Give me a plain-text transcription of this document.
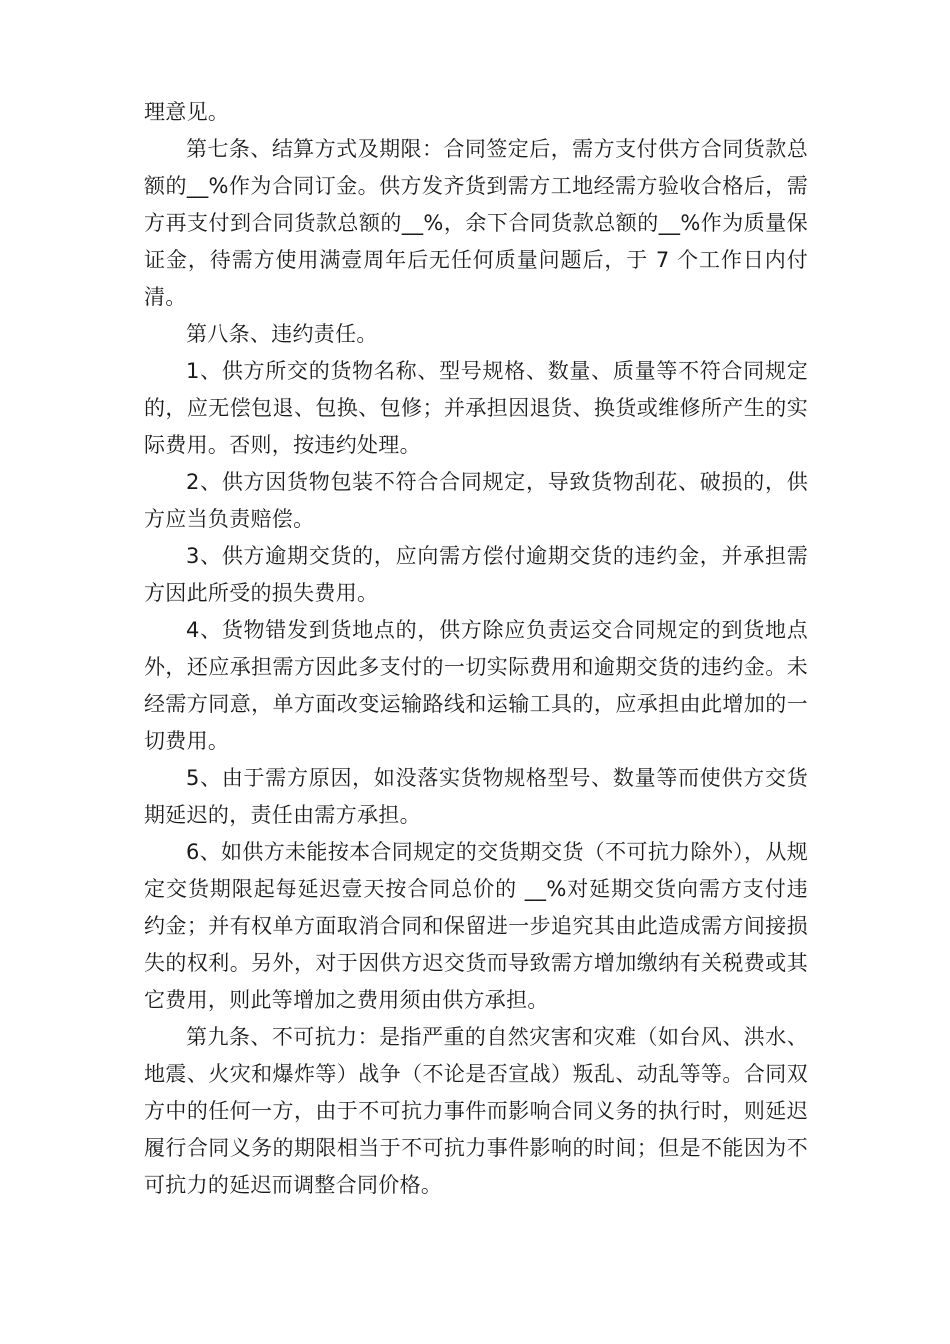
理意见。

第七条、结算方式及期限：合同签定后，需方支付供方合同货款总额的__%作为合同订金。供方发齐货到需方工地经需方验收合格后，需方再支付到合同货款总额的__%，余下合同货款总额的__%作为质量保证金，待需方使用满壹周年后无任何质量问题后，于 7 个工作日内付清。

第八条、违约责任。

1、供方所交的货物名称、型号规格、数量、质量等不符合同规定的，应无偿包退、包换、包修；并承担因退货、换货或维修所产生的实际费用。否则，按违约处理。

2、供方因货物包装不符合合同规定，导致货物刮花、破损的，供方应当负责赔偿。

3、供方逾期交货的，应向需方偿付逾期交货的违约金，并承担需方因此所受的损失费用。

4、货物错发到货地点的，供方除应负责运交合同规定的到货地点外，还应承担需方因此多支付的一切实际费用和逾期交货的违约金。未经需方同意，单方面改变运输路线和运输工具的，应承担由此增加的一切费用。

5、由于需方原因，如没落实货物规格型号、数量等而使供方交货期延迟的，责任由需方承担。

6、如供方未能按本合同规定的交货期交货（不可抗力除外），从规定交货期限起每延迟壹天按合同总价的 __%对延期交货向需方支付违约金；并有权单方面取消合同和保留进一步追究其由此造成需方间接损失的权利。另外，对于因供方迟交货而导致需方增加缴纳有关税费或其它费用，则此等增加之费用须由供方承担。

第九条、不可抗力：是指严重的自然灾害和灾难（如台风、洪水、地震、火灾和爆炸等）战争（不论是否宣战）叛乱、动乱等等。合同双方中的任何一方，由于不可抗力事件而影响合同义务的执行时，则延迟履行合同义务的期限相当于不可抗力事件影响的时间；但是不能因为不可抗力的延迟而调整合同价格。
